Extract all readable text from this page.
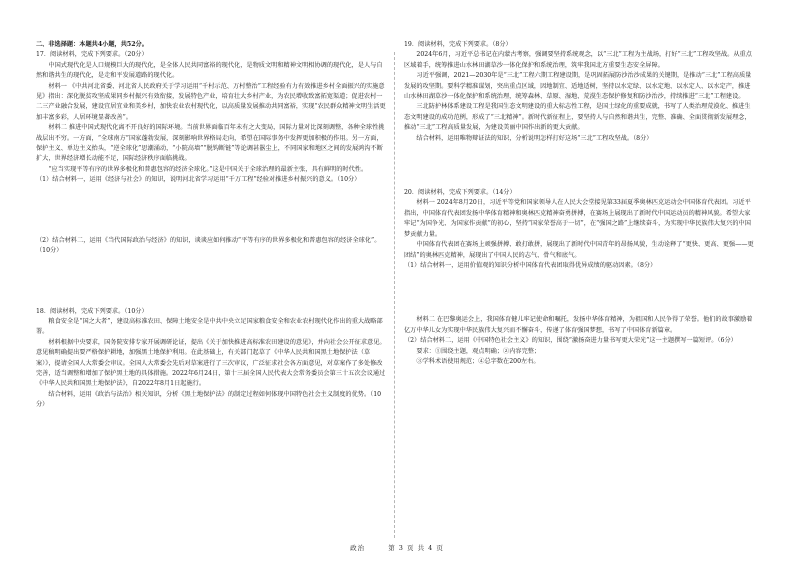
二、非选择题：本题共4小题，共52分。

17．阅读材料，完成下列要求。（20分）

中国式现代化是人口规模巨大的现代化，是全体人民共同富裕的现代化，是物质文明和精神文明相协调的现代化，是人与自然和谐共生的现代化，是走和平发展道路的现代化。

材料一 《中共河北省委、河北省人民政府关于学习运用“千村示范、万村整治”工程经验有力有效推进乡村全面振兴的实施意见》指出：深化脱贫攻坚成果同乡村振兴有效衔接，发展特色产业，培育壮大乡村产业，为农民增收致富拓宽渠道；促进农村一二三产业融合发展，建设宜居宜业和美乡村，加快农业农村现代化，以高质量发展推动共同富裕，实现“农民群众精神文明生活更加丰富多彩，人居环境显著改善”。

材料二 推进中国式现代化离不开良好的国际环境。当前世界面临百年未有之大变局，国际力量对比深刻调整，各种全球性挑战层出不穷。一方面，“全球南方”国家蓬勃发展，深刻影响世界格局走向，希望在国际事务中发挥更加积极的作用。另一方面，保护主义、单边主义抬头，“逆全球化”思潮涌动，“小院高墙”“脱钩断链”等论调甚嚣尘上，不同国家和地区之间的发展鸿沟不断扩大，世界经济增长动能不足，国际经济秩序面临挑战。

“应当实现平等有序的世界多极化和普惠包容的经济全球化。”这是中国关于全球治理的最新主张，具有鲜明的时代性。

（1）结合材料一，运用《经济与社会》的知识，说明河北省学习运用“千万工程”经验对推进乡村振兴的意义。（10分）

（2）结合材料二，运用《当代国际政治与经济》的知识，谈谈应如何推动“平等有序的世界多极化和普惠包容的经济全球化”。（10分）

18．阅读材料，完成下列要求。（10分）

粮食安全是“国之大者”，建设高标准农田、保障土地安全是中共中央立足国家粮食安全和农业农村现代化作出的重大战略部署。

材料根据中央要求，国务院安排专家开展调研论证，提出《关于加快推进高标准农田建设的意见》，并向社会公开征求意见。意见稿明确提出要严格保护耕地，加强黑土地保护利用。在此基础上，有关部门起草了《中华人民共和国黑土地保护法（草案）》，提请全国人大常委会审议。全国人大常委会先后对草案进行了三次审议，广泛征求社会各方面意见，对草案作了多处修改完善，适当调整和增加了保护黑土地的具体措施。2022年6月24日，第十三届全国人民代表大会常务委员会第三十五次会议通过《中华人民共和国黑土地保护法》，自2022年8月1日起施行。

结合材料，运用《政治与法治》相关知识，分析《黑土地保护法》的制定过程如何体现中国特色社会主义制度的优势。（10分）

19．阅读材料，完成下列要求。（8分）

2024年6月，习近平总书记在内蒙古考察，强调要坚持系统观念，以“三北”工程为主战场，打好“三北”工程攻坚战。从重点区域着手，统筹推进山水林田湖草沙一体化保护和系统治理，筑牢我国北方重要生态安全屏障。

习近平强调，2021—2030年是“三北”工程六期工程建设期，是巩固拓展防沙治沙成果的关键期，是推动“三北”工程高质量发展的攻坚期。要科学精准谋划，突出重点区域，因地制宜、适地适树，坚持以水定绿、以水定地、以水定人、以水定产，推进山水林田湖草沙一体化保护和系统治理，统筹森林、草原、湿地、荒漠生态保护修复和防沙治沙，持续推进“三北”工程建设。

三北防护林体系建设工程是我国生态文明建设的重大标志性工程，是国土绿化的重要成就，书写了人类治理荒漠化、推进生态文明建设的成功范例，形成了“三北精神”。新时代新征程上，要坚持人与自然和谐共生，完整、准确、全面贯彻新发展理念，推动“三北”工程高质量发展，为建设美丽中国作出新的更大贡献。

结合材料，运用唯物辩证法的知识，分析说明怎样打好这场“三北”工程攻坚战。（8分）

20．阅读材料，完成下列要求。（14分）

材料一 2024年8月20日，习近平等党和国家领导人在人民大会堂接见第33届夏季奥林匹克运动会中国体育代表团。习近平指出，中国体育代表团发扬中华体育精神和奥林匹克精神奋勇拼搏，在赛场上展现出了新时代中国运动员的精神风貌。希望大家牢记“为国争光、为国家作贡献”的初心，坚持“国家荣誉高于一切”，在“强国之路”上继续奋斗，为实现中华民族伟大复兴的中国梦贡献力量。

中国体育代表团在赛场上顽强拼搏、敢打敢拼，展现出了新时代中国青年的昂扬风貌，生动诠释了“更快、更高、更强——更团结”的奥林匹克精神，展现出了中国人民的志气、骨气和底气。

（1）结合材料一，运用价值观的知识分析中国体育代表团取得优异成绩的驱动因素。（8分）

材料二 在巴黎奥运会上，我国体育健儿牢记使命和嘱托，发扬中华体育精神，为祖国和人民争得了荣誉。他们的故事激励着亿万中华儿女为实现中华民族伟大复兴而不懈奋斗，传递了体育强国梦想，书写了中国体育新篇章。

（2）结合材料二，运用《中国特色社会主义》的知识，围绕“激扬奋进力量书写更大荣光”这一主题撰写一篇短评。（6分）

要求：①围绕主题，观点明确；②内容完整；

③学科术语使用规范；④总字数在200左右。

政治	第 3 页 共 4 页
